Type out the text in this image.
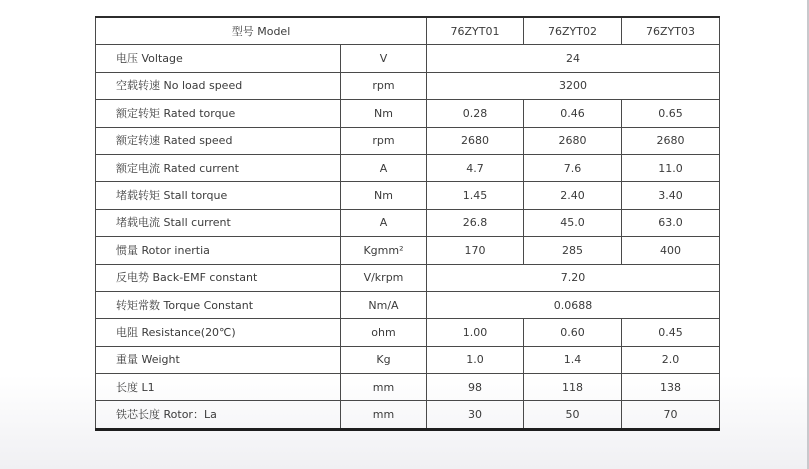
型号 Model		76ZYT01	76ZYT02	76ZYT03
电压 Voltage	V	24		
空载转速 No load speed	rpm	3200		
额定转矩 Rated torque	Nm	0.28	0.46	0.65
额定转速 Rated speed	rpm	2680	2680	2680
额定电流 Rated current	A	4.7	7.6	11.0
堵载转矩 Stall torque	Nm	1.45	2.40	3.40
堵载电流 Stall current	A	26.8	45.0	63.0
惯量 Rotor inertia	Kgmm²	170	285	400
反电势 Back-EMF constant	V/krpm	7.20		
转矩常数 Torque Constant	Nm/A	0.0688		
电阻 Resistance(20℃)	ohm	1.00	0.60	0.45
重量 Weight	Kg	1.0	1.4	2.0
长度 L1	mm	98	118	138
铁芯长度 Rotor：La	mm	30	50	70
